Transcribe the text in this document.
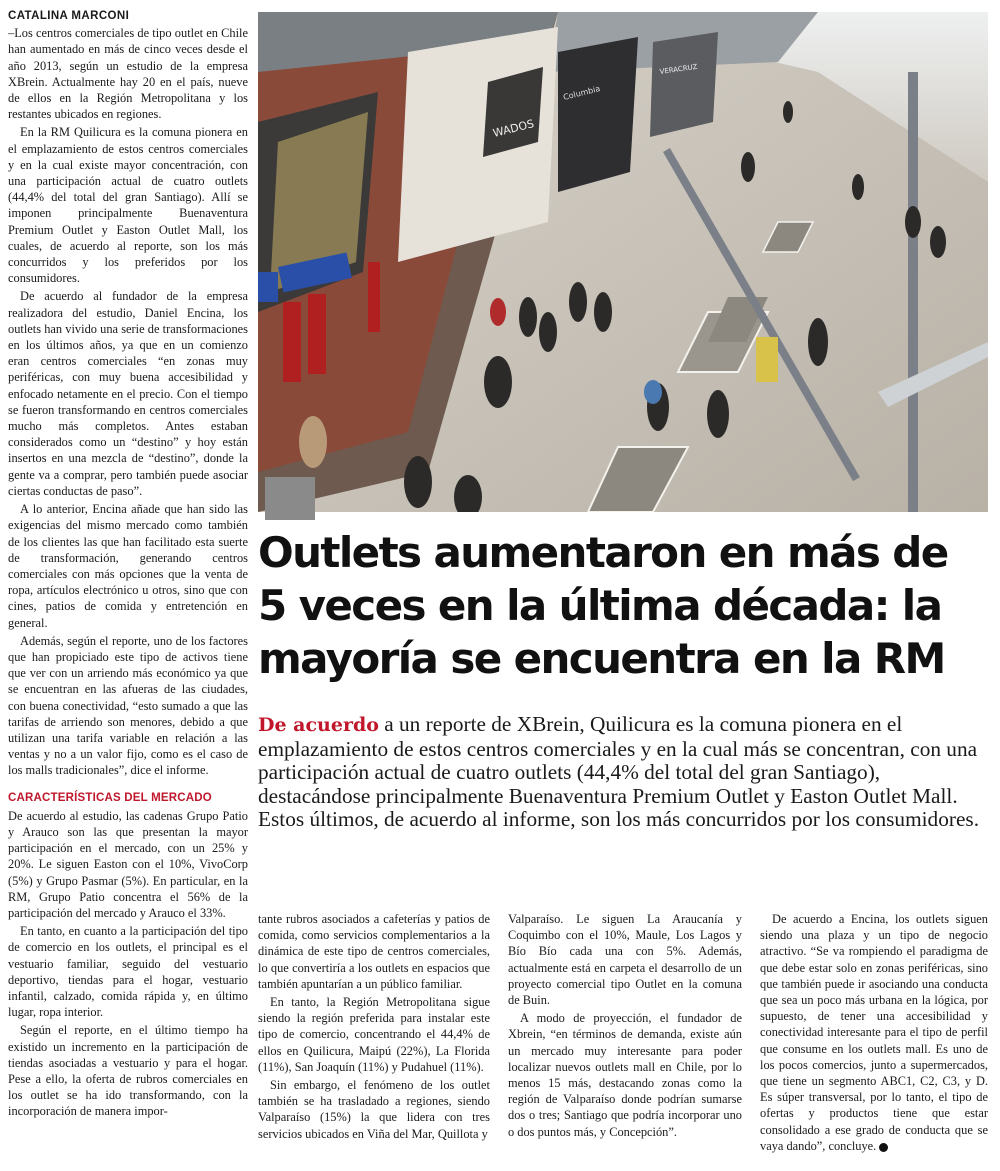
CATALINA MARCONI

–Los centros comerciales de tipo outlet en Chile han aumentado en más de cinco veces desde el año 2013, según un estudio de la empresa XBrein. Actualmente hay 20 en el país, nueve de ellos en la Región Metropolitana y los restantes ubicados en regiones.

En la RM Quilicura es la comuna pionera en el emplazamiento de estos centros comerciales y en la cual existe mayor concentración, con una participación actual de cuatro outlets (44,4% del total del gran Santiago). Allí se imponen principalmente Buenaventura Premium Outlet y Easton Outlet Mall, los cuales, de acuerdo al reporte, son los más concurridos y los preferidos por los consumidores.

De acuerdo al fundador de la empresa realizadora del estudio, Daniel Encina, los outlets han vivido una serie de transformaciones en los últimos años, ya que en un comienzo eran centros comerciales “en zonas muy periféricas, con muy buena accesibilidad y enfocado netamente en el precio. Con el tiempo se fueron transformando en centros comerciales mucho más completos. Antes estaban considerados como un “destino” y hoy están insertos en una mezcla de “destino”, donde la gente va a comprar, pero también puede asociar ciertas conductas de paso”.

A lo anterior, Encina añade que han sido las exigencias del mismo mercado como también de los clientes las que han facilitado esta suerte de transformación, generando centros comerciales con más opciones que la venta de ropa, artículos electrónico u otros, sino que con cines, patios de comida y entretención en general.

Además, según el reporte, uno de los factores que han propiciado este tipo de activos tiene que ver con un arriendo más económico ya que se encuentran en las afueras de las ciudades, con buena conectividad, “esto sumado a que las tarifas de arriendo son menores, debido a que utilizan una tarifa variable en relación a las ventas y no a un valor fijo, como es el caso de los malls tradicionales”, dice el informe.

CARACTERÍSTICAS DEL MERCADO

De acuerdo al estudio, las cadenas Grupo Patio y Arauco son las que presentan la mayor participación en el mercado, con un 25% y 20%. Le siguen Easton con el 10%, VivoCorp (5%) y Grupo Pasmar (5%). En particular, en la RM, Grupo Patio concentra el 56% de la participación del mercado y Arauco el 33%.

En tanto, en cuanto a la participación del tipo de comercio en los outlets, el principal es el vestuario familiar, seguido del vestuario deportivo, tiendas para el hogar, vestuario infantil, calzado, comida rápida y, en último lugar, ropa interior.

Según el reporte, en el último tiempo ha existido un incremento en la participación de tiendas asociadas a vestuario y para el hogar. Pese a ello, la oferta de rubros comerciales en los outlet se ha ido transformando, con la incorporación de manera impor-

WADOS
Columbia
VERACRUZ
Outlets aumentaron en más de 5 veces en la última década: la mayoría se encuentra en la RM
De acuerdo a un reporte de XBrein, Quilicura es la comuna pionera en el emplazamiento de estos centros comerciales y en la cual más se concentran, con una participación actual de cuatro outlets (44,4% del total del gran Santiago), destacándose principalmente Buenaventura Premium Outlet y Easton Outlet Mall. Estos últimos, de acuerdo al informe, son los más concurridos por los consumidores.

tante rubros asociados a cafeterías y patios de comida, como servicios complementarios a la dinámica de este tipo de centros comerciales, lo que convertiría a los outlets en espacios que también apuntarían a un público familiar.

En tanto, la Región Metropolitana sigue siendo la región preferida para instalar este tipo de comercio, concentrando el 44,4% de ellos en Quilicura, Maipú (22%), La Florida (11%), San Joaquín (11%) y Pudahuel (11%).

Sin embargo, el fenómeno de los outlet también se ha trasladado a regiones, siendo Valparaíso (15%) la que lidera con tres servicios ubicados en Viña del Mar, Quillota y

Valparaíso. Le siguen La Araucanía y Coquimbo con el 10%, Maule, Los Lagos y Bío Bío cada una con 5%. Además, actualmente está en carpeta el desarrollo de un proyecto comercial tipo Outlet en la comuna de Buin.

A modo de proyección, el fundador de Xbrein, “en términos de demanda, existe aún un mercado muy interesante para poder localizar nuevos outlets mall en Chile, por lo menos 15 más, destacando zonas como la región de Valparaíso donde podrían sumarse dos o tres; Santiago que podría incorporar uno o dos puntos más, y Concepción”.

De acuerdo a Encina, los outlets siguen siendo una plaza y un tipo de negocio atractivo. “Se va rompiendo el paradigma de que debe estar solo en zonas periféricas, sino que también puede ir asociando una conducta que sea un poco más urbana en la lógica, por supuesto, de tener una accesibilidad y conectividad interesante para el tipo de perfil que consume en los outlets mall. Es uno de los pocos comercios, junto a supermercados, que tiene un segmento ABC1, C2, C3, y D. Es súper transversal, por lo tanto, el tipo de ofertas y productos tiene que estar consolidado a ese grado de conducta que se vaya dando”, concluye.
